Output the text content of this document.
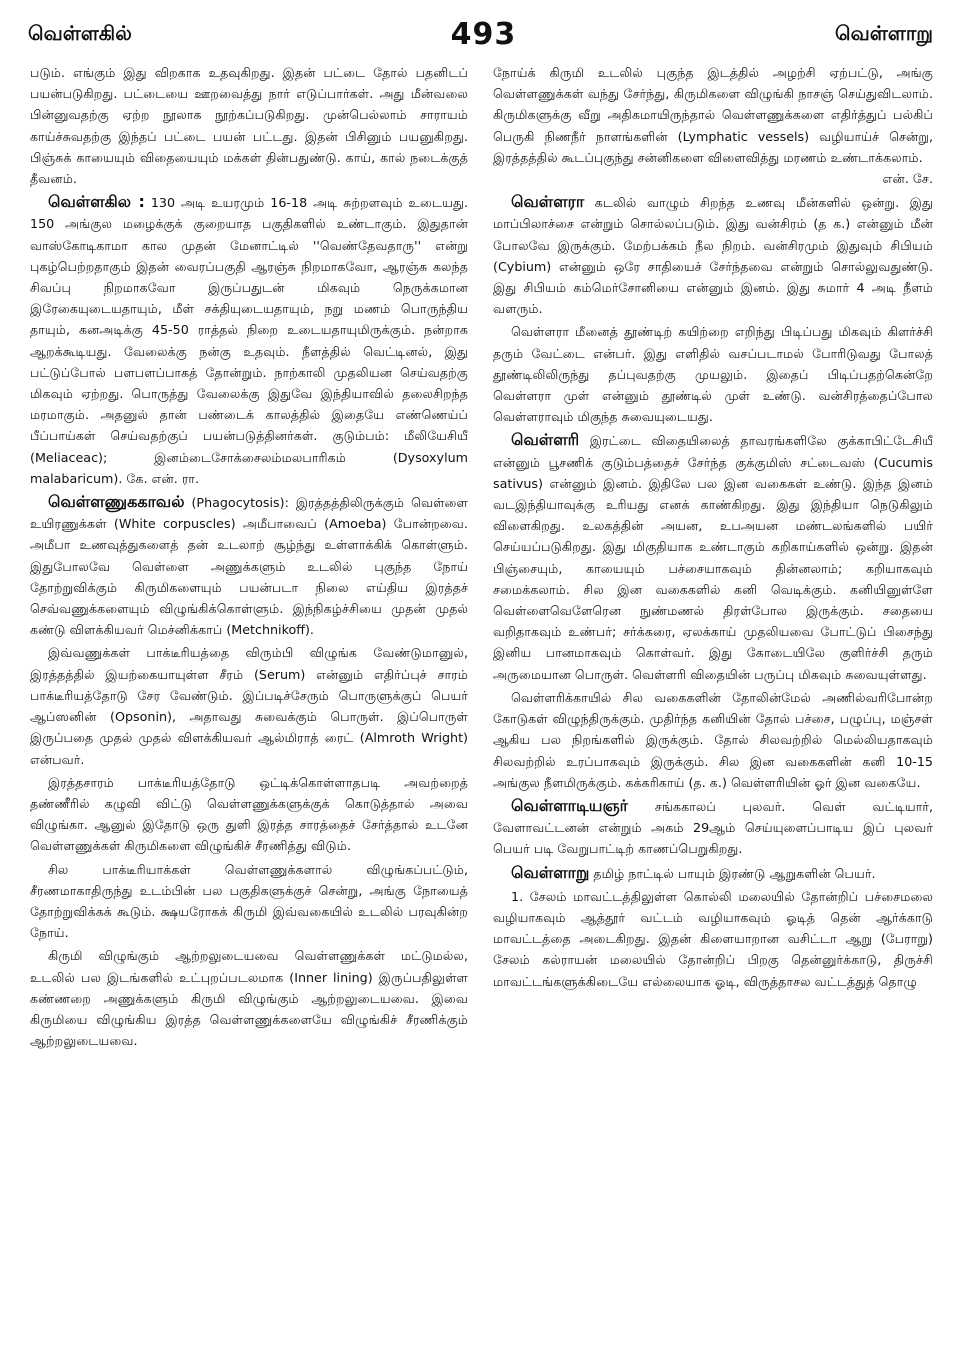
வெள்ளகில்	493	வெள்ளாறு

படும். எங்கும் இது விறகாக உதவுகிறது. இதன் பட்டை தோல் பதனிடப் பயன்படுகிறது. பட்டையை ஊறவைத்து நார் எடுப்பார்கள். அது மீன்வலை பின்னுவதற்கு ஏற்ற நூலாக நூற்கப்படுகிறது. முன்பெல்லாம் சாராயம் காய்ச்சுவதற்கு இந்தப் பட்டை பயன் பட்டது. இதன் பிசினும் பயனுகிறது. பிஞ்சுக் காயையும் விதையையும் மக்கள் தின்பதுண்டு. காய், கால் நடைக்குத் தீவனம்.

வெள்ளகில : 130 அடி உயரமும் 16-18 அடி சுற்றளவும் உடையது. 150 அங்குல மழைக்குக் குறையாத பகுதிகளில் உண்டாகும். இதுதான் வாஸ்கோடிகாமா கால முதன் மேனாட்டில் ''வெண்தேவதாரு'' என்று புகழ்பெற்றதாகும் இதன் வைரப்பகுதி ஆரஞ்சு நிறமாகவோ, ஆரஞ்சு கலந்த சிவப்பு நிறமாகவோ இருப்பதுடன் மிகவும் நெருக்கமான இரேகையுடையதாயும், மீள் சக்தியுடையதாயும், நறு மணம் பொருந்திய தாயும், கனஅடிக்கு 45-50 ராத்தல் நிறை உடையதாயுமிருக்கும். நன்றாக ஆறக்கூடியது. வேலைக்கு நன்கு உதவும். நீளத்தில் வெட்டினல், இது பட்டுப்போல் பளபளப்பாகத் தோன்றும். நாற்காலி முதலியன செய்வதற்கு மிகவும் ஏற்றது. பொருத்து வேலைக்கு இதுவே இந்தியாவில் தலைசிறந்த மரமாகும். அதனுல் தான் பண்டைக் காலத்தில் இதையே எண்ணெய்ப் பீப்பாய்கள் செய்வதற்குப் பயன்படுத்தினர்கள். குடும்பம்: மீலியேசியீ (Meliaceac); இனம்டைசோக்சைலம்மலபாரிகம் (Dysoxylum malabaricum). கே. என். ரா.

வெள்ளணுககாவல் (Phagocytosis): இரத்தத்திலிருக்கும் வெள்ளை உயிரணுக்கள் (White corpuscles) அமீபாவைப் (Amoeba) போன்றவை. அமீபா உணவுத்துகளைத் தன் உடலாற் சூழ்ந்து உள்ளாக்கிக் கொள்ளும். இதுபோலவே வெள்ளை அணுக்களும் உடலில் புகுந்த நோய் தோற்றுவிக்கும் கிருமிகளையும் பயன்படா நிலை எய்திய இரத்தச் செவ்வணுக்களையும் விழுங்கிக்கொள்ளும். இந்நிகழ்ச்சியை முதன் முதல் கண்டு விளக்கியவர் மெச்னிக்காப் (Metchnikoff).

இவ்வணுக்கள் பாக்டீரியத்தை விரும்பி விழுங்க வேண்டுமானுல், இரத்தத்தில் இயற்கையாயுள்ள சீரம் (Serum) என்னும் எதிர்ப்புச் சாரம் பாக்டீரியத்தோடு சேர வேண்டும். இப்படிச்சேரும் பொருளுக்குப் பெயர் ஆப்ஸனின் (Opsonin), அதாவது சுவைக்கும் பொருள். இப்பொருள் இருப்பதை முதல் முதல் விளக்கியவர் ஆல்மிராத் ரைட் (Almroth Wright) என்பவர்.

இரத்தசாரம் பாக்டீரியத்தோடு ஒட்டிக்கொள்ளாதபடி அவற்றைத் தண்ணீரில் கழுவி விட்டு வெள்ளணுக்களுக்குக் கொடுத்தால் அவை விழுங்கா. ஆனுல் இதோடு ஒரு துளி இரத்த சாரத்தைச் சேர்த்தால் உடனே வெள்ளணுக்கள் கிருமிகளை விழுங்கிச் சீரணித்து விடும்.

சில பாக்டீரியாக்கள் வெள்ளணுக்களால் விழுங்கப்பட்டும், சீரணமாகாதிருந்து உடம்பின் பல பகுதிகளுக்குச் சென்று, அங்கு நோயைத் தோற்றுவிக்கக் கூடும். க்ஷயரோகக் கிருமி இவ்வகையில் உடலில் பரவுகின்ற நோய்.

கிருமி விழுங்கும் ஆற்றலுடையவை வெள்ளணுக்கள் மட்டுமல்ல, உடலில் பல இடங்களில் உட்புறப்படலமாக (Inner lining) இருப்பதிலுள்ள கண்ணறை அணுக்களும் கிருமி விழுங்கும் ஆற்றலுடையவை. இவை கிருமியை விழுங்கிய இரத்த வெள்ளணுக்களையே விழுங்கிச் சீரணிக்கும் ஆற்றலுடையவை.

நோய்க் கிருமி உடலில் புகுந்த இடத்தில் அழற்சி ஏற்பட்டு, அங்கு வெள்ளணுக்கள் வந்து சேர்ந்து, கிருமிகளை விழுங்கி நாசஞ் செய்துவிடலாம். கிருமிகளுக்கு வீறு அதிகமாயிருந்தால் வெள்ளணுக்களை எதிர்த்துப் பல்கிப் பெருகி நிணநீர் நாளங்களின் (Lymphatic vessels) வழியாய்ச் சென்று, இரத்தத்தில் கூடப்புகுந்து சன்னிகளை விளைவித்து மரணம் உண்டாக்கலாம்.
என். சே.

வெள்ளரா கடலில் வாழும் சிறந்த உணவு மீன்களில் ஒன்று. இது மாப்பிலாச்சை என்றும் சொல்லப்படும். இது வன்சிரம் (த க.) என்னும் மீன் போலவே இருக்கும். மேற்பக்கம் நீல நிறம். வன்சிரமும் இதுவும் சிபியம் (Cybium) என்னும் ஒரே சாதியைச் சேர்ந்தவை என்றும் சொல்லுவதுண்டு. இது சிபியம் கம்மெர்சோனியை என்னும் இனம். இது சுமார் 4 அடி நீளம் வளரும்.

வெள்ளரா மீனைத் தூண்டிற் கயிற்றை எறிந்து பிடிப்பது மிகவும் கிளர்ச்சி தரும் வேட்டை என்பர். இது எளிதில் வசப்படாமல் போரிடுவது போலத் தூண்டிலிலிருந்து தப்புவதற்கு முயலும். இதைப் பிடிப்பதற்கென்றே வெள்ளரா முள் என்னும் தூண்டில் முள் உண்டு. வன்சிரத்தைப்போல வெள்ளராவும் மிகுந்த சுவையுடையது.

வெள்ளரி இரட்டை விதையிலைத் தாவரங்களிலே குக்காபிட்டேசியீ என்னும் பூசணிக் குடும்பத்தைச் சேர்ந்த குக்குமிஸ் சட்டைவஸ் (Cucumis sativus) என்னும் இனம். இதிலே பல இன வகைகள் உண்டு. இந்த இனம் வடஇந்தியாவுக்கு உரியது எனக் காண்கிறது. இது இந்தியா நெடுகிலும் விளைகிறது. உலகத்தின் அயன, உபஅயன மண்டலங்களில் பயிர் செய்யப்படுகிறது. இது மிகுதியாக உண்டாகும் கறிகாய்களில் ஒன்று. இதன் பிஞ்சையும், காயையும் பச்சையாகவும் தின்னலாம்; கறியாகவும் சமைக்கலாம். சில இன வகைகளில் கனி வெடிக்கும். கனியினுள்ளே வெள்ளைவெளேரென நுண்மணல் திரள்போல இருக்கும். சதையை வறிதாகவும் உண்பர்; சர்க்கரை, ஏலக்காய் முதலியவை போட்டுப் பிசைந்து இனிய பானமாகவும் கொள்வர். இது கோடையிலே குளிர்ச்சி தரும் அருமையான பொருள். வெள்ளரி விதையின் பருப்பு மிகவும் சுவையுள்ளது.

வெள்ளரிக்காயில் சில வகைகளின் தோலின்மேல் அணில்வரிபோன்ற கோடுகள் விழுந்திருக்கும். முதிர்ந்த கனியின் தோல் பச்சை, பழுப்பு, மஞ்சள் ஆகிய பல நிறங்களில் இருக்கும். தோல் சிலவற்றில் மெல்லியதாகவும் சிலவற்றில் உரப்பாகவும் இருக்கும். சில இன வகைகளின் கனி 10-15 அங்குல நீளமிருக்கும். கக்கரிகாய் (த. க.) வெள்ளரியின் ஓர் இன வகையே.

வெள்ளாடியஞர் சங்ககாலப் புலவர். வெள் வட்டியார், வேளாவட்டனன் என்றும் அகம் 29ஆம் செய்யுளைப்பாடிய இப் புலவர் பெயர் படி வேறுபாட்டிற் காணப்பெறுகிறது.

வெள்ளாறு தமிழ் நாட்டில் பாயும் இரண்டு ஆறுகளின் பெயர்.

1. சேலம் மாவட்டத்திலுள்ள கொல்லி மலையில் தோன்றிப் பச்சைமலை வழியாகவும் ஆத்தூர் வட்டம் வழியாகவும் ஓடித் தென் ஆர்க்காடு மாவட்டத்தை அடைகிறது. இதன் கிளையாறான வசிட்டா ஆறு (பேராறு) சேலம் கல்ராயன் மலையில் தோன்றிப் பிறகு தென்னுர்க்காடு, திருச்சி மாவட்டங்களுக்கிடையே எல்லையாக ஓடி, விருத்தாசல வட்டத்துத் தொழு
